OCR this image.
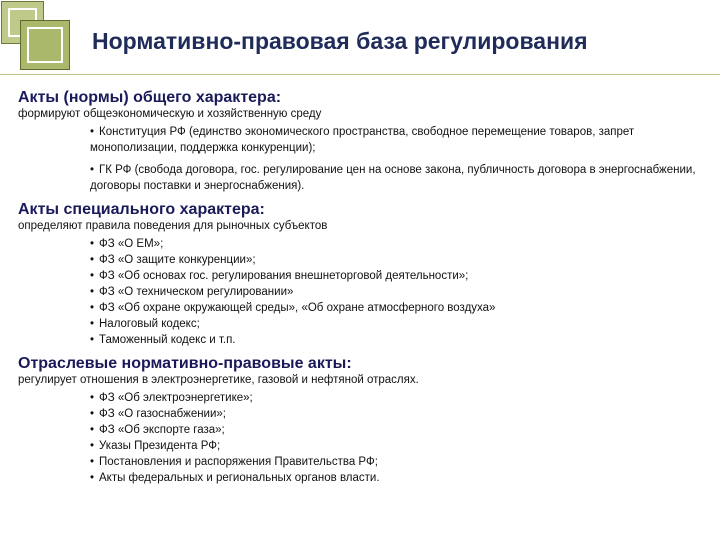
Нормативно-правовая база регулирования
Акты (нормы) общего характера:

формируют общеэкономическую и хозяйственную среду

• Конституция РФ (единство экономического пространства, свободное перемещение товаров, запрет монополизации, поддержка конкуренции);
• ГК РФ (свобода договора, гос. регулирование цен на основе закона, публичность договора в энергоснабжении, договоры поставки и энергоснабжения).
Акты специального характера:

определяют правила поведения для рыночных субъектов

• ФЗ «О ЕМ»;
• ФЗ «О защите конкуренции»;
• ФЗ «Об основах гос. регулирования внешнеторговой деятельности»;
• ФЗ «О техническом регулировании»
• ФЗ «Об охране окружающей среды», «Об охране атмосферного воздуха»
• Налоговый кодекс;
• Таможенный кодекс и т.п.
Отраслевые нормативно-правовые акты:

регулирует отношения в электроэнергетике, газовой и нефтяной отраслях.

• ФЗ «Об электроэнергетике»;
• ФЗ «О газоснабжении»;
• ФЗ «Об экспорте газа»;
• Указы Президента РФ;
• Постановления и распоряжения Правительства РФ;
• Акты федеральных и региональных органов власти.
